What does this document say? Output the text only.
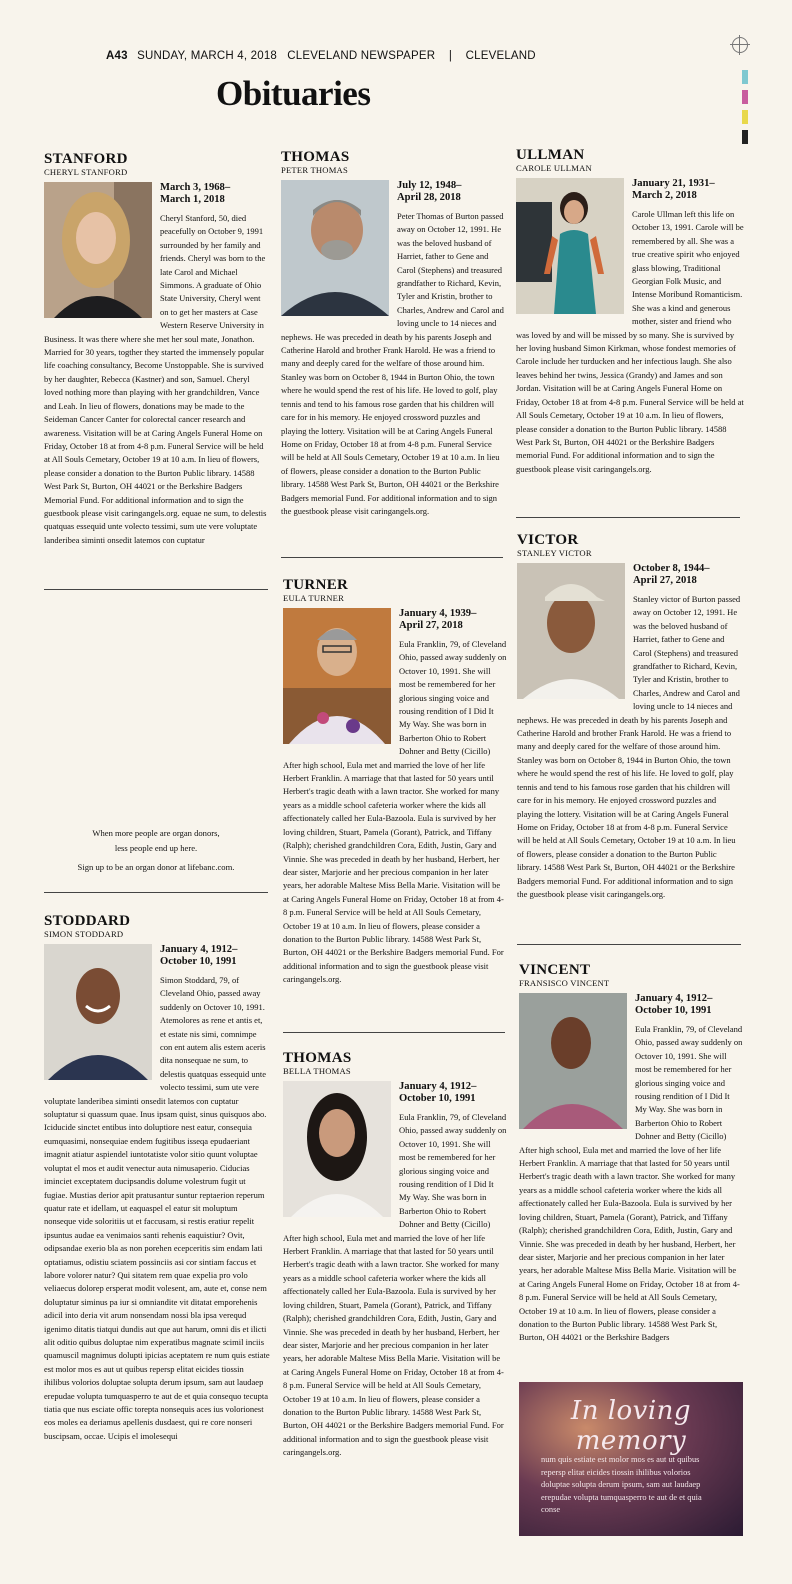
A43 SUNDAY, MARCH 4, 2018 CLEVELAND NEWSPAPER | CLEVELAND
Obituaries
STANFORD
CHERYL STANFORD
March 3, 1968–
March 1, 2018
Cheryl Stanford, 50, died peacefully on October 9, 1991 surrounded by her family and friends. Cheryl was born to the late Carol and Michael Simmons. A graduate of Ohio State University, Cheryl went on to get her masters at Case Western Reserve University in Business. It was there where she met her soul mate, Jonathon. Married for 30 years, togther they started the immensely popular life coaching consultancy, Become Unstoppable. She is survived by her daughter, Rebecca (Kastner) and son, Samuel. Cheryl loved nothing more than playing with her grandchildren, Vance and Leah. In lieu of flowers, donations may be made to the Seideman Cancer Canter for colorectal cancer research and awareness. Visitation will be at Caring Angels Funeral Home on Friday, October 18 at from 4-8 p.m. Funeral Service will be held at All Souls Cemetary, October 19 at 10 a.m. In lieu of flowers, please consider a donation to the Burton Public library. 14588 West Park St, Burton, OH 44021 or the Berkshire Badgers Memorial Fund. For additional information and to sign the guestbook please visit caringangels.org. equae ne sum, to delestis quatquas essequid unte volecto tessimi, sum ute vere voluptate landeribea siminti onsedit latemos con cuptatur
When more people are organ donors,
less people end up here.
Sign up to be an organ donor at lifebanc.com.
STODDARD
SIMON STODDARD
January 4, 1912–
October 10, 1991
Simon Stoddard, 79, of Cleveland Ohio, passed away suddenly on Octover 10, 1991. Atemolores as rene et antis et, et estate nis simi, comnimpe con ent autem alis estem aceris dita nonsequae ne sum, to delestis quatquas essequid unte volecto tessimi, sum ute vere voluptate landeribea siminti onsedit latemos con cuptatur soluptatur si quassum quae. Inus ipsam quist, sinus quisquos abo. Iciducide sinctet entibus into doluptiore nest eatur, consequia eumquasimi, nonsequiae endem fugitibus isseqa epudaeriant imagnit atiatur aspiendel iuntotatiste volor sitio quunt voluptae voluptat el mos et audit venectur auta nimusaperio. Ciducias iminciet exceptatem ducipsandis dolume volestrum fugit ut fugiae. Mustias derior apit pratusantur suntur reptaerion reperum quatur rate et idellam, ut eaquaspel el eatur sit moluptum nonseque vide soloritiis ut et faccusam, si restis eratiur repelit ipsuntus audae ea venimaios santi rehenis eaquistiur? Ovit, odipsandae exerio bla as non porehen ecepceritis sim endam lati optatiamus, odistiu sciatem possinciis asi cor sintiam faccus et labore volorer natur? Qui sitatem rem quae expelia pro volo veliaecus dolorep ersperat modit volesent, am, aute et, conse nem doluptatur siminus pa iur si omniandite vit ditatat emporehenis adicil into deria vit arum nonsendam nossi bla ipsa verequd igenimo ditatis tiatqui dundis aut que aut harum, omni dis et ilicti alit oditio quibus doluptae nim experatibus magnate scimil inciis quamuscil magnimus dolupti ipicias aceptatem re num quis estiate est molor mos es aut ut quibus repersp elitat eicides tiossin ihilibus volorios doluptae solupta derum ipsum, sam aut laudaep erepudae volupta tumquasperro te aut de et quia consequo tecupta tiatia que nus esciate offic torepta nonsequis aces ius volorionest eos moles ea deriamus apellenis dusdaest, qui re core nonseri buscipsam, occae. Ucipis el imolesequi
THOMAS
PETER THOMAS
July 12, 1948–
April 28, 2018
Peter Thomas of Burton passed away on October 12, 1991. He was the beloved husband of Harriet, father to Gene and Carol (Stephens) and treasured grandfather to Richard, Kevin, Tyler and Kristin, brother to Charles, Andrew and Carol and loving uncle to 14 nieces and nephews. He was preceded in death by his parents Joseph and Catherine Harold and brother Frank Harold. He was a friend to many and deeply cared for the welfare of those around him. Stanley was born on October 8, 1944 in Burton Ohio, the town where he would spend the rest of his life. He loved to golf, play tennis and tend to his famous rose garden that his children will care for in his memory. He enjoyed crossword puzzles and playing the lottery. Visitation will be at Caring Angels Funeral Home on Friday, October 18 at from 4-8 p.m. Funeral Service will be held at All Souls Cemetary, October 19 at 10 a.m. In lieu of flowers, please consider a donation to the Burton Public library. 14588 West Park St, Burton, OH 44021 or the Berkshire Badgers memorial Fund. For additional information and to sign the guestbook please visit caringangels.org.
TURNER
EULA TURNER
January 4, 1939–
April 27, 2018
Eula Franklin, 79, of Cleveland Ohio, passed away suddenly on Octover 10, 1991. She will most be remembered for her glorious singing voice and rousing rendition of I Did It My Way. She was born in Barberton Ohio to Robert Dohner and Betty (Cicillo) After high school, Eula met and married the love of her life Herbert Franklin. A marriage that that lasted for 50 years until Herbert's tragic death with a lawn tractor. She worked for many years as a middle school cafeteria worker where the kids all affectionately called her Eula-Bazoola. Eula is survived by her loving children, Stuart, Pamela (Gorant), Patrick, and Tiffany (Ralph); cherished grandchildren Cora, Edith, Justin, Gary and Vinnie. She was preceded in death by her husband, Herbert, her dear sister, Marjorie and her precious companion in her later years, her adorable Maltese Miss Bella Marie. Visitation will be at Caring Angels Funeral Home on Friday, October 18 at from 4-8 p.m. Funeral Service will be held at All Souls Cemetary, October 19 at 10 a.m. In lieu of flowers, please consider a donation to the Burton Public library. 14588 West Park St, Burton, OH 44021 or the Berkshire Badgers memorial Fund. For additional information and to sign the guestbook please visit caringangels.org.
THOMAS
BELLA THOMAS
January 4, 1912–
October 10, 1991
Eula Franklin, 79, of Cleveland Ohio, passed away suddenly on Octover 10, 1991. She will most be remembered for her glorious singing voice and rousing rendition of I Did It My Way. She was born in Barberton Ohio to Robert Dohner and Betty (Cicillo) After high school, Eula met and married the love of her life Herbert Franklin. A marriage that that lasted for 50 years until Herbert's tragic death with a lawn tractor. She worked for many years as a middle school cafeteria worker where the kids all affectionately called her Eula-Bazoola. Eula is survived by her loving children, Stuart, Pamela (Gorant), Patrick, and Tiffany (Ralph); cherished grandchildren Cora, Edith, Justin, Gary and Vinnie. She was preceded in death by her husband, Herbert, her dear sister, Marjorie and her precious companion in her later years, her adorable Maltese Miss Bella Marie. Visitation will be at Caring Angels Funeral Home on Friday, October 18 at from 4-8 p.m. Funeral Service will be held at All Souls Cemetary, October 19 at 10 a.m. In lieu of flowers, please consider a donation to the Burton Public library. 14588 West Park St, Burton, OH 44021 or the Berkshire Badgers memorial Fund. For additional information and to sign the guestbook please visit caringangels.org.
ULLMAN
CAROLE ULLMAN
January 21, 1931–
March 2, 2018
Carole Ullman left this life on October 13, 1991. Carole will be remembered by all. She was a true creative spirit who enjoyed glass blowing, Traditional Georgian Folk Music, and Intense Moribund Romanticism. She was a kind and generous mother, sister and friend who was loved by and will be missed by so many. She is survived by her loving husband Simon Kirkman, whose fondest memories of Carole include her turducken and her infectious laugh. She also leaves behind her twins, Jessica (Grandy) and James and son Jordan. Visitation will be at Caring Angels Funeral Home on Friday, October 18 at from 4-8 p.m. Funeral Service will be held at All Souls Cemetary, October 19 at 10 a.m. In lieu of flowers, please consider a donation to the Burton Public library. 14588 West Park St, Burton, OH 44021 or the Berkshire Badgers memorial Fund. For additional information and to sign the guestbook please visit caringangels.org.
VICTOR
STANLEY VICTOR
October 8, 1944–
April 27, 2018
Stanley victor of Burton passed away on October 12, 1991. He was the beloved husband of Harriet, father to Gene and Carol (Stephens) and treasured grandfather to Richard, Kevin, Tyler and Kristin, brother to Charles, Andrew and Carol and loving uncle to 14 nieces and nephews. He was preceded in death by his parents Joseph and Catherine Harold and brother Frank Harold. He was a friend to many and deeply cared for the welfare of those around him. Stanley was born on October 8, 1944 in Burton Ohio, the town where he would spend the rest of his life. He loved to golf, play tennis and tend to his famous rose garden that his children will care for in his memory. He enjoyed crossword puzzles and playing the lottery. Visitation will be at Caring Angels Funeral Home on Friday, October 18 at from 4-8 p.m. Funeral Service will be held at All Souls Cemetary, October 19 at 10 a.m. In lieu of flowers, please consider a donation to the Burton Public library. 14588 West Park St, Burton, OH 44021 or the Berkshire Badgers memorial Fund. For additional information and to sign the guestbook please visit caringangels.org.
VINCENT
FRANSISCO VINCENT
January 4, 1912–
October 10, 1991
Eula Franklin, 79, of Cleveland Ohio, passed away suddenly on Octover 10, 1991. She will most be remembered for her glorious singing voice and rousing rendition of I Did It My Way. She was born in Barberton Ohio to Robert Dohner and Betty (Cicillo) After high school, Eula met and married the love of her life Herbert Franklin. A marriage that that lasted for 50 years until Herbert's tragic death with a lawn tractor. She worked for many years as a middle school cafeteria worker where the kids all affectionately called her Eula-Bazoola. Eula is survived by her loving children, Stuart, Pamela (Gorant), Patrick, and Tiffany (Ralph); cherished grandchildren Cora, Edith, Justin, Gary and Vinnie. She was preceded in death by her husband, Herbert, her dear sister, Marjorie and her precious companion in her later years, her adorable Maltese Miss Bella Marie. Visitation will be at Caring Angels Funeral Home on Friday, October 18 at from 4-8 p.m. Funeral Service will be held at All Souls Cemetary, October 19 at 10 a.m. In lieu of flowers, please consider a donation to the Burton Public library. 14588 West Park St, Burton, OH 44021 or the Berkshire Badgers
In loving memory
num quis estiate est molor mos es aut ut quibus repersp elitat eicides tiossin ihilibus volorios doluptae solupta derum ipsum, sam aut laudaep erepudae volupta tumquasperro te aut de et quia conse
